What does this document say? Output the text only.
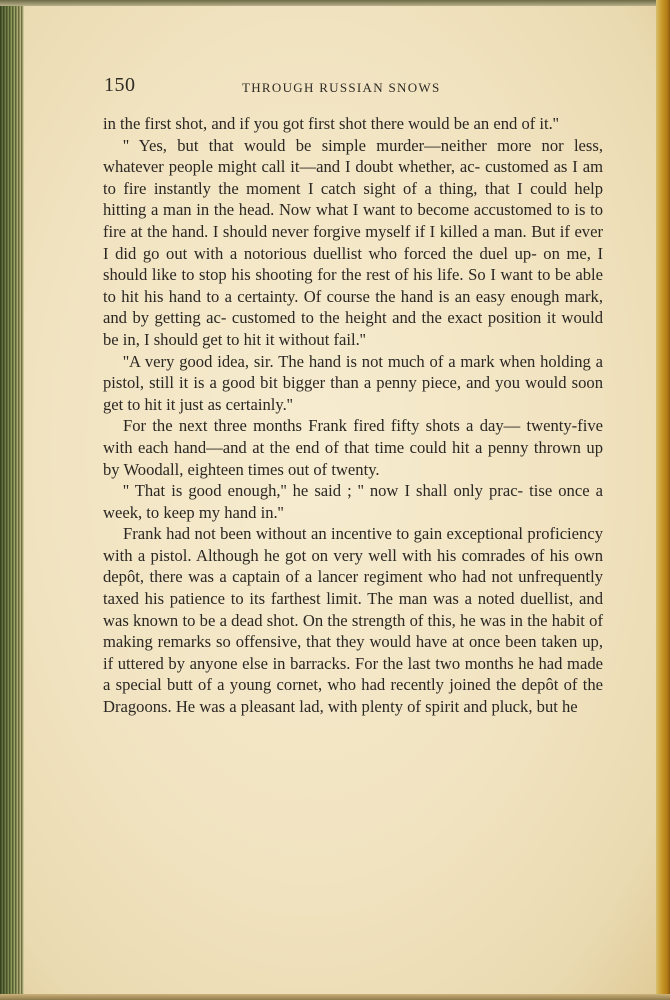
150	THROUGH RUSSIAN SNOWS

in the first shot, and if you got first shot there would be an end of it.''

'' Yes, but that would be simple murder—neither more nor less, whatever people might call it—and I doubt whether, ac- customed as I am to fire instantly the moment I catch sight of a thing, that I could help hitting a man in the head. Now what I want to become accustomed to is to fire at the hand. I should never forgive myself if I killed a man. But if ever I did go out with a notorious duellist who forced the duel up- on me, I should like to stop his shooting for the rest of his life. So I want to be able to hit his hand to a certainty. Of course the hand is an easy enough mark, and by getting ac- customed to the height and the exact position it would be in, I should get to hit it without fail.''

''A very good idea, sir. The hand is not much of a mark when holding a pistol, still it is a good bit bigger than a penny piece, and you would soon get to hit it just as certainly.''

For the next three months Frank fired fifty shots a day— twenty-five with each hand—and at the end of that time could hit a penny thrown up by Woodall, eighteen times out of twenty.

'' That is good enough,'' he said ; '' now I shall only prac- tise once a week, to keep my hand in.''

Frank had not been without an incentive to gain exceptional proficiency with a pistol. Although he got on very well with his comrades of his own depôt, there was a captain of a lancer regiment who had not unfrequently taxed his patience to its farthest limit. The man was a noted duellist, and was known to be a dead shot. On the strength of this, he was in the habit of making remarks so offensive, that they would have at once been taken up, if uttered by anyone else in barracks. For the last two months he had made a special butt of a young cornet, who had recently joined the depôt of the Dragoons. He was a pleasant lad, with plenty of spirit and pluck, but he
